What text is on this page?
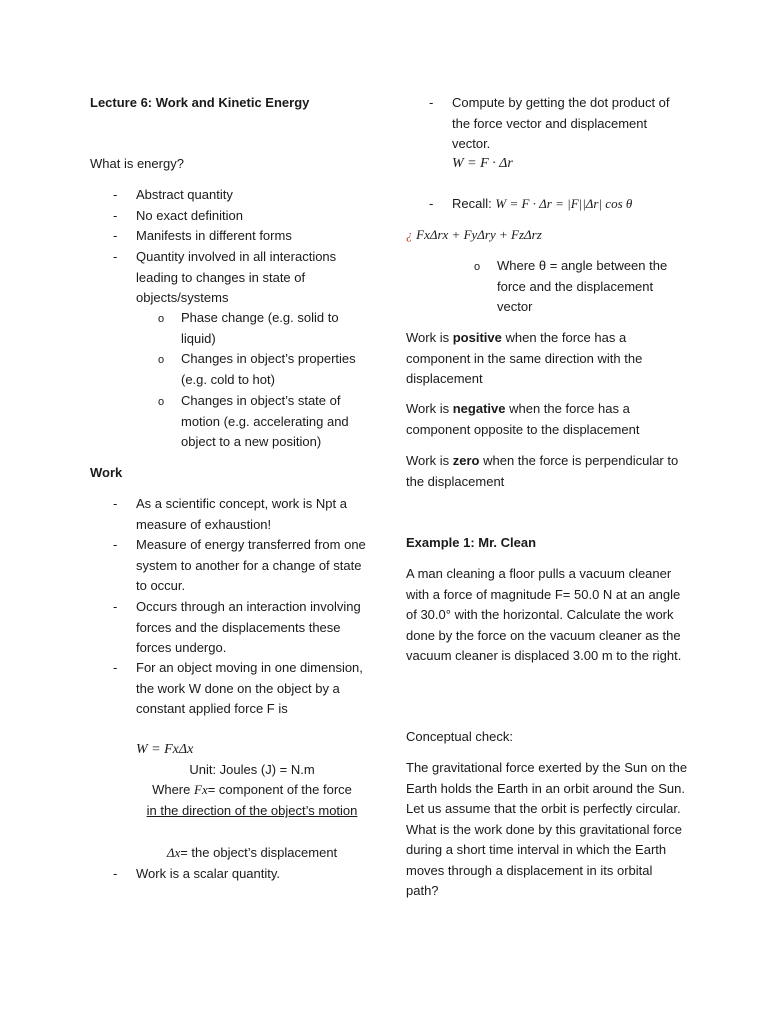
Lecture 6: Work and Kinetic Energy
What is energy?
- Abstract quantity
- No exact definition
- Manifests in different forms
- Quantity involved in all interactions leading to changes in state of objects/systems
o Phase change (e.g. solid to liquid)
o Changes in object’s properties (e.g. cold to hot)
o Changes in object’s state of motion (e.g. accelerating and object to a new position)
Work
- As a scientific concept, work is Npt a measure of exhaustion!
- Measure of energy transferred from one system to another for a change of state to occur.
- Occurs through an interaction involving forces and the displacements these forces undergo.
- For an object moving in one dimension, the work W done on the object by a constant applied force F is
W = FxΔx
Unit: Joules (J) = N.m
Where Fx= component of the force
in the direction of the object’s motion
Δx= the object’s displacement
- Work is a scalar quantity.
- Compute by getting the dot product of the force vector and displacement vector.
W = F · Δr
- Recall: W = F · Δr = |F||Δr| cos θ
¿ FxΔrx + FyΔry + FzΔrz
o Where θ = angle between the force and the displacement vector
Work is positive when the force has a component in the same direction with the displacement
Work is negative when the force has a component opposite to the displacement
Work is zero when the force is perpendicular to the displacement
Example 1: Mr. Clean
A man cleaning a floor pulls a vacuum cleaner with a force of magnitude F= 50.0 N at an angle of 30.0° with the horizontal. Calculate the work done by the force on the vacuum cleaner as the vacuum cleaner is displaced 3.00 m to the right.
Conceptual check:
The gravitational force exerted by the Sun on the Earth holds the Earth in an orbit around the Sun. Let us assume that the orbit is perfectly circular. What is the work done by this gravitational force during a short time interval in which the Earth moves through a displacement in its orbital path?
